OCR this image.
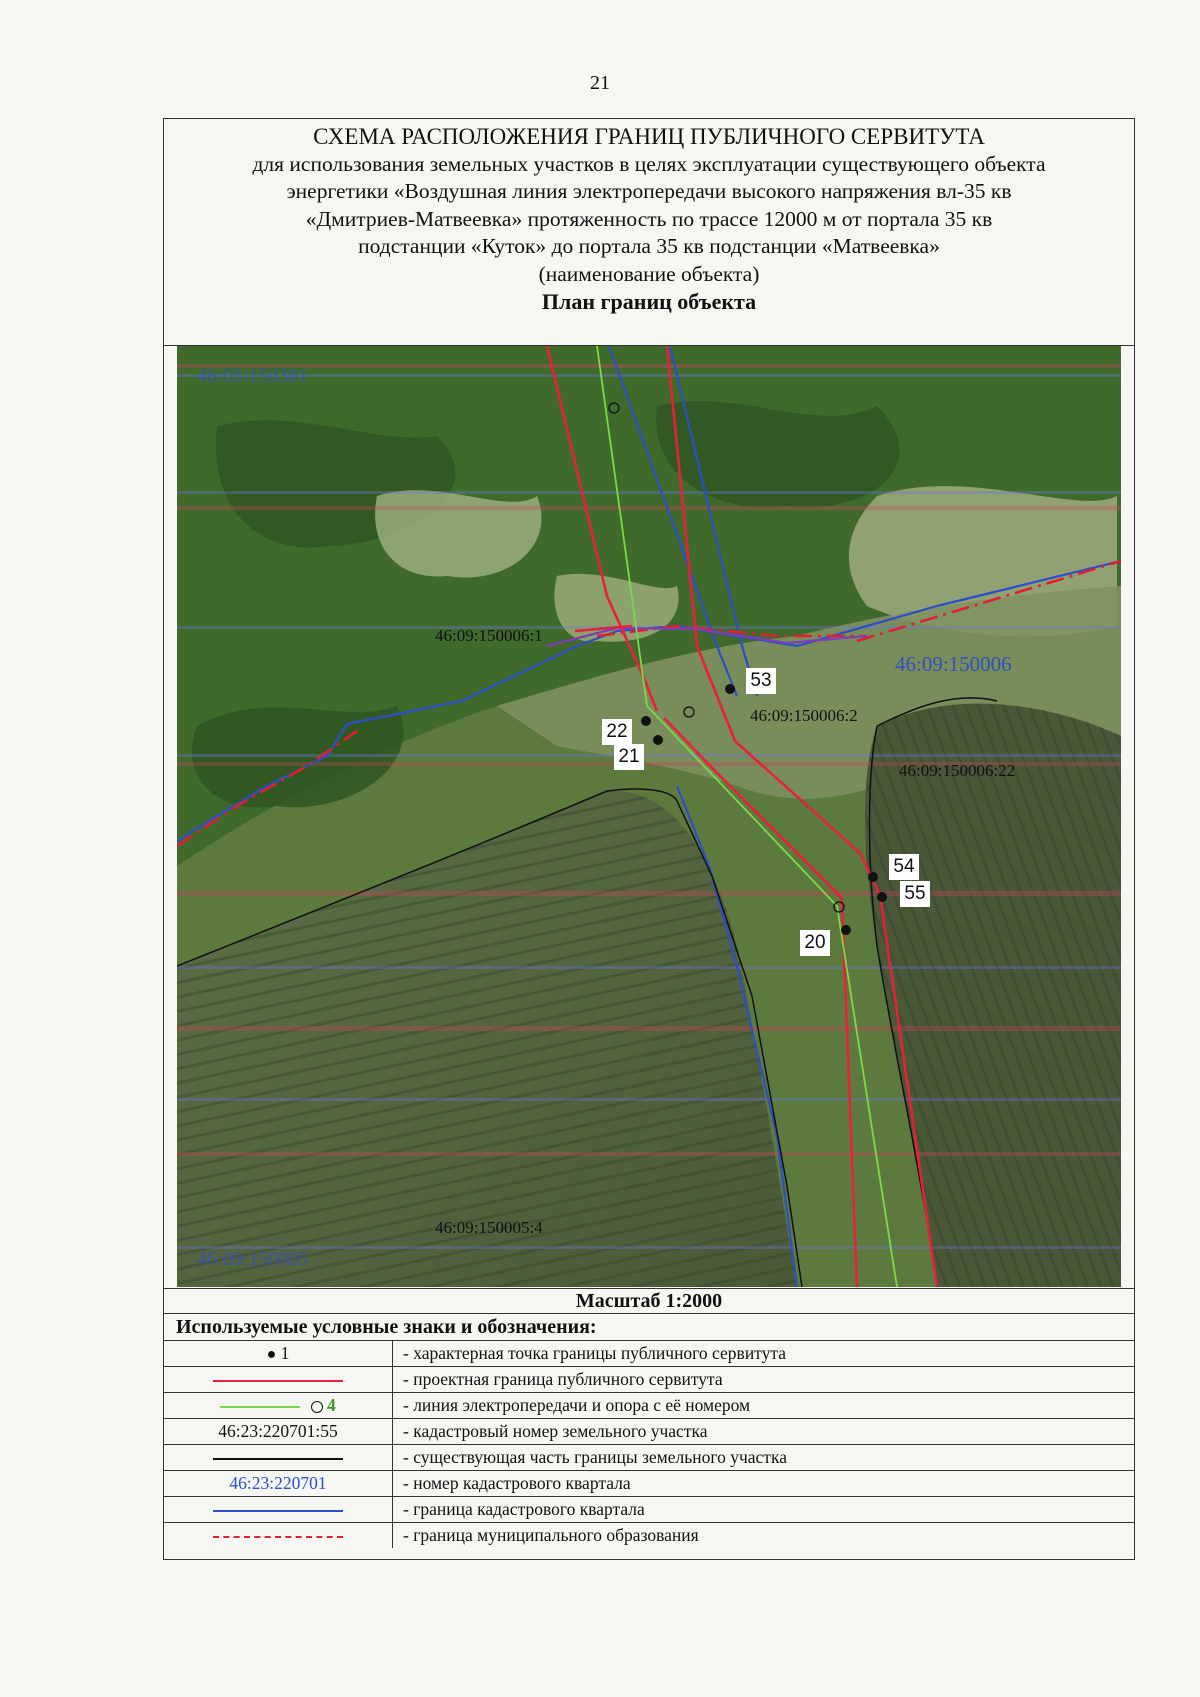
21
СХЕМА РАСПОЛОЖЕНИЯ ГРАНИЦ ПУБЛИЧНОГО СЕРВИТУТА
для использования земельных участков в целях эксплуатации существующего объекта
энергетики «Воздушная линия электропередачи высокого напряжения вл-35 кв
«Дмитриев-Матвеевка» протяженность по трассе 12000 м от портала 35 кв
подстанции «Куток» до портала 35 кв подстанции «Матвеевка»
(наименование объекта)
План границ объекта
46:05:150301
46:09:150006
46:09:150005
46:09:150006:1
46:09:150006:2
46:09:150006:22
46:09:150005:4
53
22
21
54
55
20
Масштаб 1:2000
Используемые условные знаки и обозначения:
● 1	- характерная точка границы публичного сервитута
	- проектная граница публичного сервитута
4	- линия электропередачи и опора с её номером
46:23:220701:55	- кадастровый номер земельного участка
	- существующая часть границы земельного участка
46:23:220701	- номер кадастрового квартала
	- граница кадастрового квартала
	- граница муниципального образования
